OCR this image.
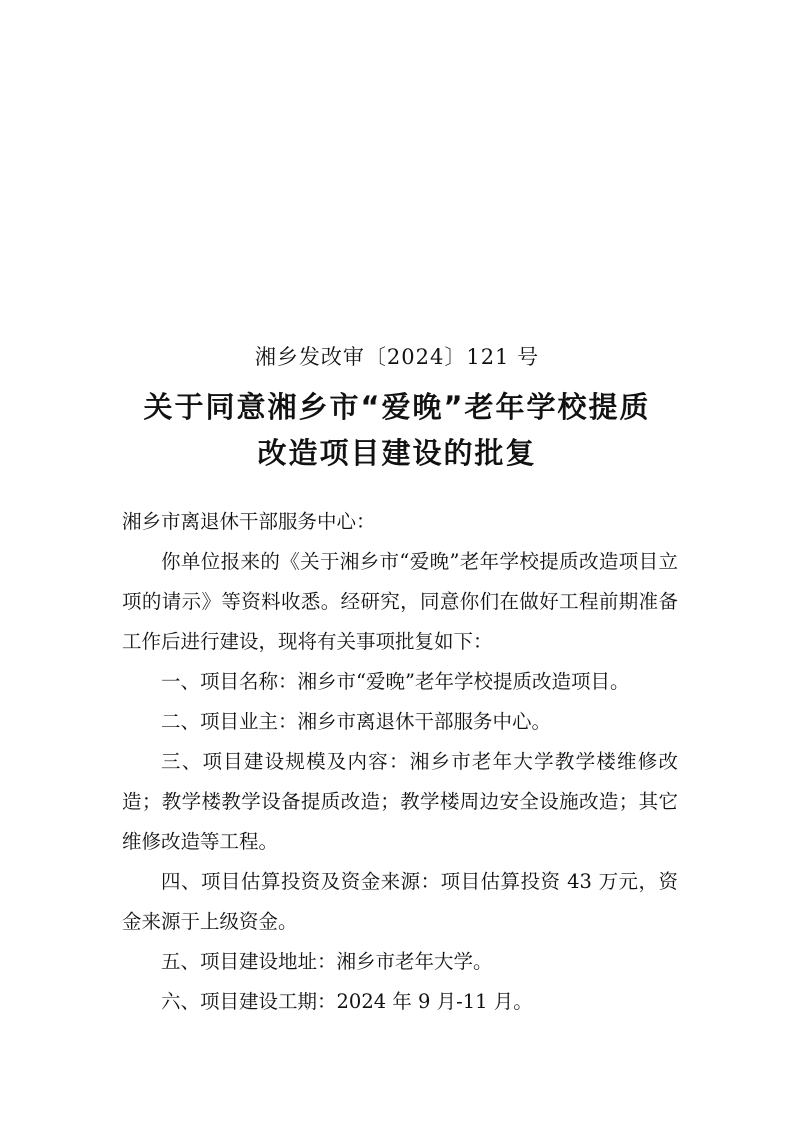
湘乡发改审〔2024〕121 号
关于同意湘乡市“爱晚”老年学校提质
改造项目建设的批复

湘乡市离退休干部服务中心：

你单位报来的《关于湘乡市“爱晚”老年学校提质改造项目立项的请示》等资料收悉。经研究，同意你们在做好工程前期准备工作后进行建设，现将有关事项批复如下：

一、项目名称：湘乡市“爱晚”老年学校提质改造项目。

二、项目业主：湘乡市离退休干部服务中心。

三、项目建设规模及内容：湘乡市老年大学教学楼维修改造；教学楼教学设备提质改造；教学楼周边安全设施改造；其它维修改造等工程。

四、项目估算投资及资金来源：项目估算投资 43 万元，资金来源于上级资金。

五、项目建设地址：湘乡市老年大学。

六、项目建设工期：2024 年 9 月-11 月。
